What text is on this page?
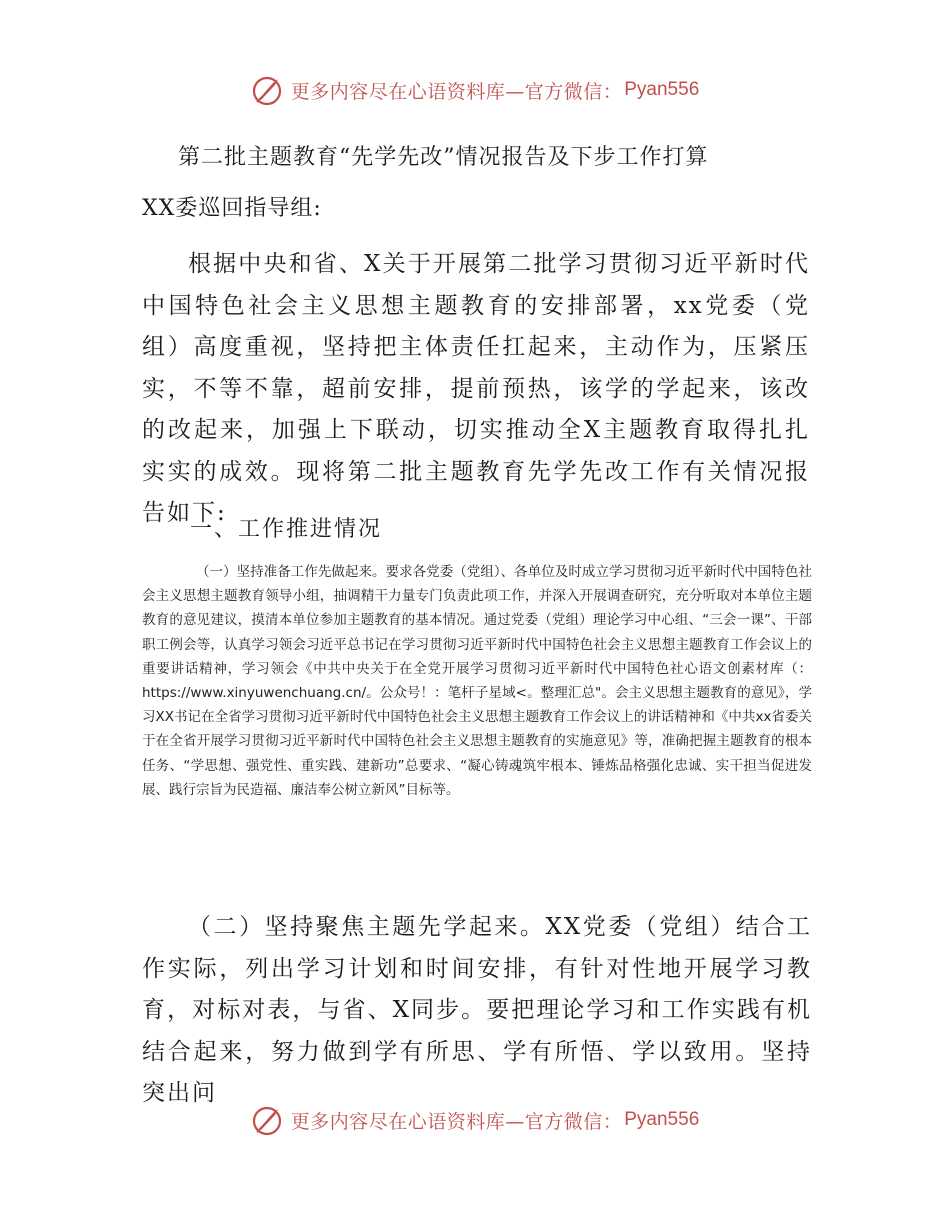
更多内容尽在心语资料库—官方微信： Pyan556
第二批主题教育“先学先改”情况报告及下步工作打算

XX委巡回指导组:

根据中央和省、X关于开展第二批学习贯彻习近平新时代中国特色社会主义思想主题教育的安排部署，xx党委（党组）高度重视，坚持把主体责任扛起来，主动作为，压紧压实，不等不靠，超前安排，提前预热，该学的学起来，该改的改起来，加强上下联动，切实推动全X主题教育取得扎扎实实的成效。现将第二批主题教育先学先改工作有关情况报告如下:

一、工作推进情况

（一）坚持准备工作先做起来。要求各党委（党组）、各单位及时成立学习贯彻习近平新时代中国特色社会主义思想主题教育领导小组，抽调精干力量专门负责此项工作，并深入开展调查研究，充分听取对本单位主题教育的意见建议，摸清本单位参加主题教育的基本情况。通过党委（党组）理论学习中心组、“三会一课”、干部职工例会等，认真学习领会习近平总书记在学习贯彻习近平新时代中国特色社会主义思想主题教育工作会议上的重要讲话精神，学习领会《中共中央关于在全党开展学习贯彻习近平新时代中国特色社心语文创素材库（：https://www.xinyuwenchuang.cn/。公众号！：笔杆子星域<。整理汇总"。会主义思想主题教育的意见》，学习XX书记在全省学习贯彻习近平新时代中国特色社会主义思想主题教育工作会议上的讲话精神和《中共xx省委关于在全省开展学习贯彻习近平新时代中国特色社会主义思想主题教育的实施意见》等，准确把握主题教育的根本任务、“学思想、强党性、重实践、建新功”总要求、“凝心铸魂筑牢根本、锤炼品格强化忠诚、实干担当促进发展、践行宗旨为民造福、廉洁奉公树立新风”目标等。

（二）坚持聚焦主题先学起来。XX党委（党组）结合工作实际，列出学习计划和时间安排，有针对性地开展学习教育，对标对表，与省、X同步。要把理论学习和工作实践有机结合起来，努力做到学有所思、学有所悟、学以致用。坚持突出问

更多内容尽在心语资料库—官方微信： Pyan556
